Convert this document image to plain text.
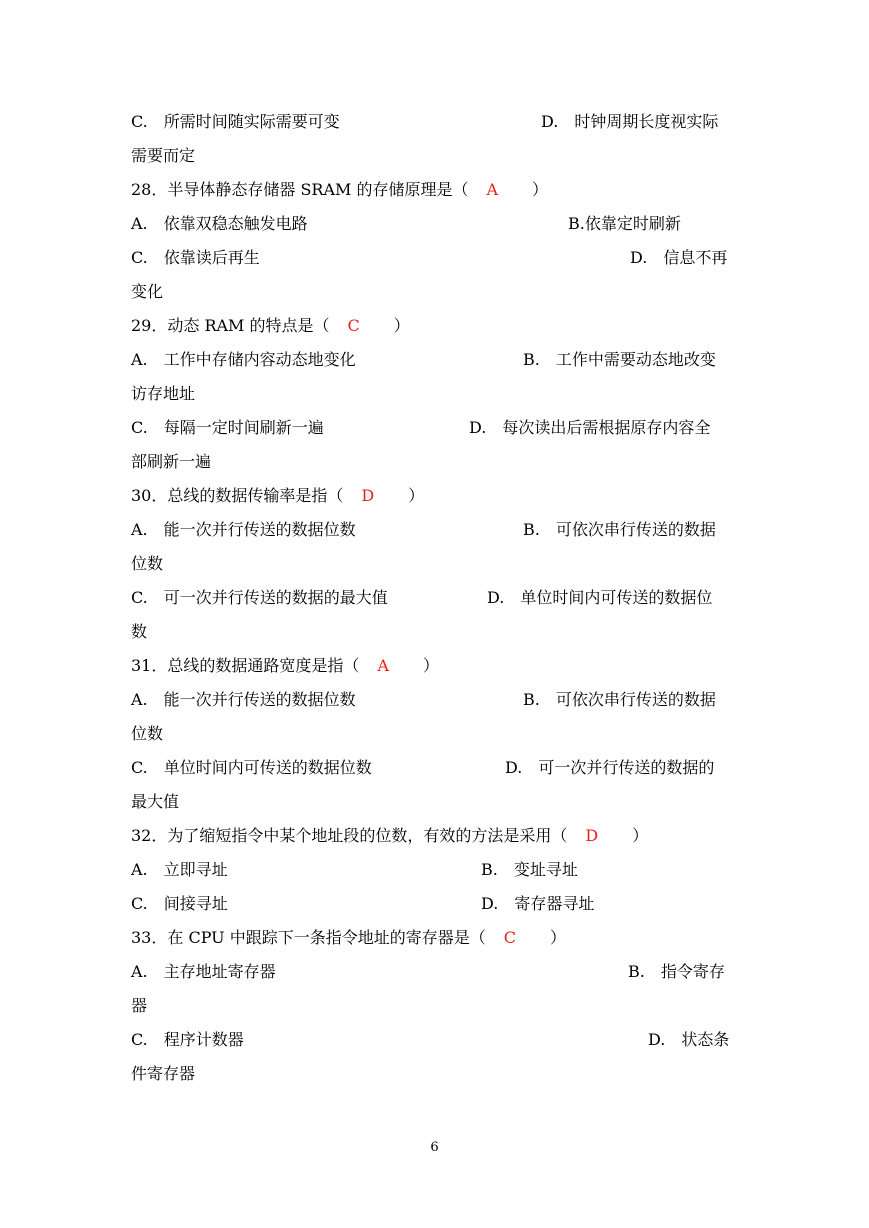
C.　所需时间随实际需要可变	D.　时钟周期长度视实际
需要而定
28．半导体静态存储器 SRAM 的存储原理是（ A ）
A.　依靠双稳态触发电路	B.依靠定时刷新
C.　依靠读后再生	D.　信息不再
变化
29．动态 RAM 的特点是（ C ）
A.　工作中存储内容动态地变化	B.　工作中需要动态地改变
访存地址
C.　每隔一定时间刷新一遍	D.　每次读出后需根据原存内容全
部刷新一遍
30．总线的数据传输率是指（ D ）
A.　能一次并行传送的数据位数	B.　可依次串行传送的数据
位数
C.　可一次并行传送的数据的最大值	D.　单位时间内可传送的数据位
数
31．总线的数据通路宽度是指（ A ）
A.　能一次并行传送的数据位数	B.　可依次串行传送的数据
位数
C.　单位时间内可传送的数据位数	D.　可一次并行传送的数据的
最大值
32．为了缩短指令中某个地址段的位数，有效的方法是采用（ D ）
A.　立即寻址	B.　变址寻址
C.　间接寻址	D.　寄存器寻址
33．在 CPU 中跟踪下一条指令地址的寄存器是（ C ）
A.　主存地址寄存器	B.　指令寄存
器
C.　程序计数器	D.　状态条
件寄存器
6
